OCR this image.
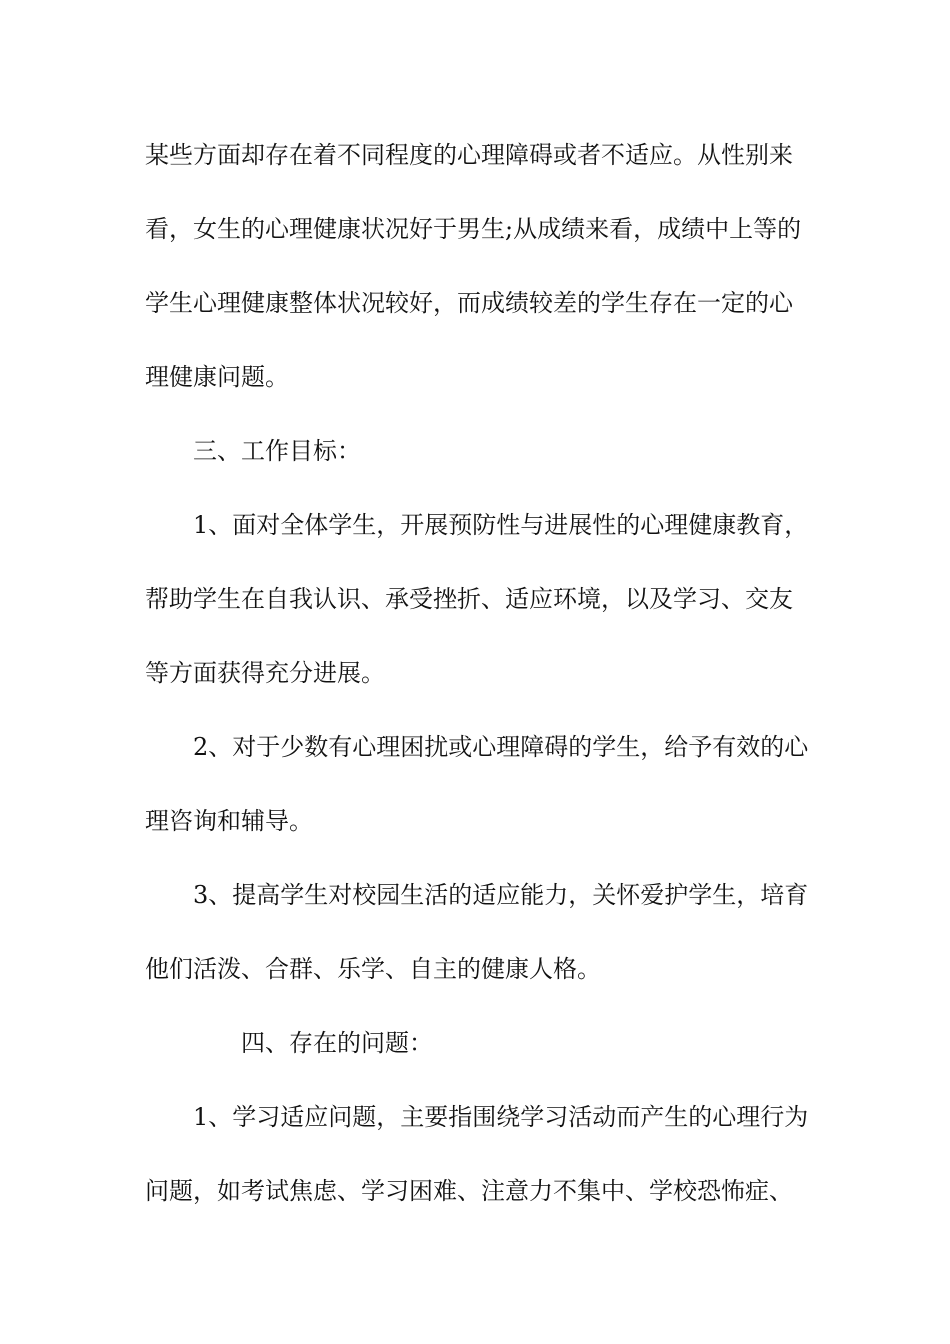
某些方面却存在着不同程度的心理障碍或者不适应。从性别来
看，女生的心理健康状况好于男生;从成绩来看，成绩中上等的
学生心理健康整体状况较好，而成绩较差的学生存在一定的心
理健康问题。
三、工作目标：
1、面对全体学生，开展预防性与进展性的心理健康教育，
帮助学生在自我认识、承受挫折、适应环境，以及学习、交友
等方面获得充分进展。
2、对于少数有心理困扰或心理障碍的学生，给予有效的心
理咨询和辅导。
3、提高学生对校园生活的适应能力，关怀爱护学生，培育
他们活泼、合群、乐学、自主的健康人格。
四、存在的问题：
1、学习适应问题，主要指围绕学习活动而产生的心理行为
问题，如考试焦虑、学习困难、注意力不集中、学校恐怖症、
